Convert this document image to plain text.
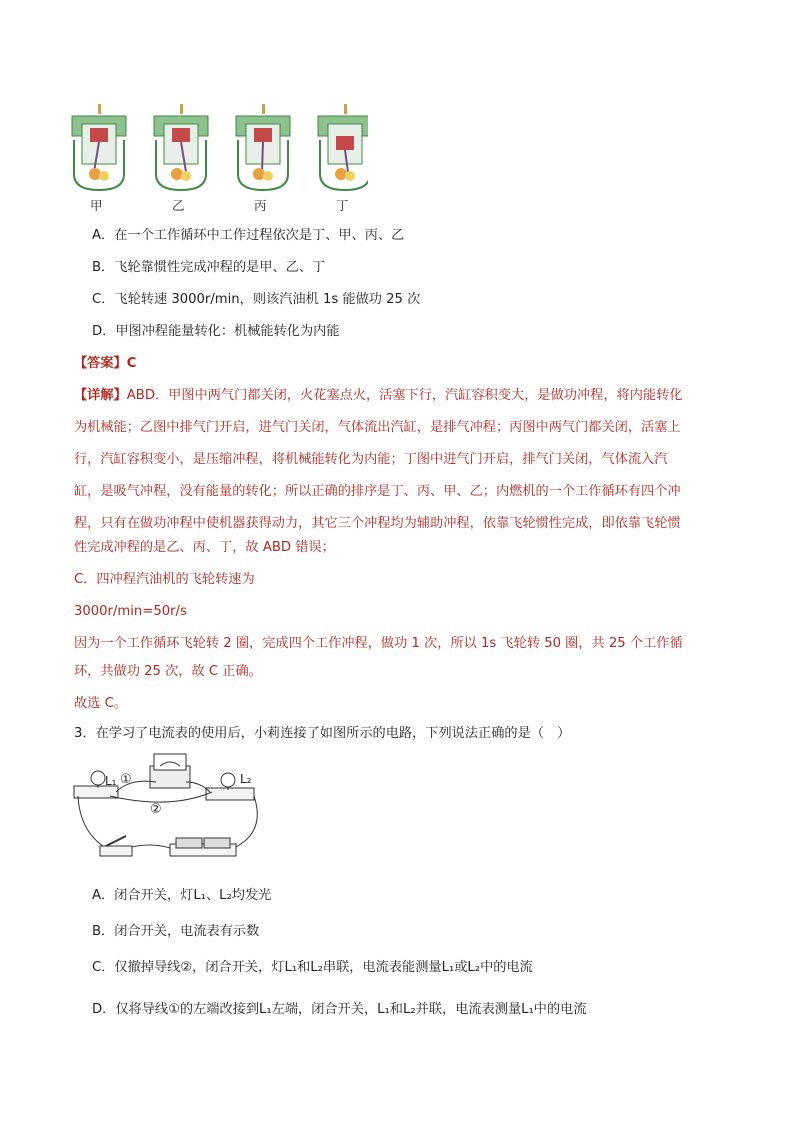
甲	乙	丙	丁
A．在一个工作循环中工作过程依次是丁、甲、丙、乙
B．飞轮靠惯性完成冲程的是甲、乙、丁
C．飞轮转速 3000r/min，则该汽油机 1s 能做功 25 次
D．甲图冲程能量转化：机械能转化为内能
【答案】C
【详解】ABD．甲图中两气门都关闭，火花塞点火，活塞下行，汽缸容积变大，是做功冲程，将内能转化
为机械能；乙图中排气门开启，进气门关闭，气体流出汽缸，是排气冲程；丙图中两气门都关闭，活塞上
行，汽缸容积变小，是压缩冲程，将机械能转化为内能；丁图中进气门开启，排气门关闭，气体流入汽
缸，是吸气冲程，没有能量的转化；所以正确的排序是丁、丙、甲、乙；内燃机的一个工作循环有四个冲
程，只有在做功冲程中使机器获得动力，其它三个冲程均为辅助冲程，依靠飞轮惯性完成，即依靠飞轮惯
性完成冲程的是乙、丙、丁，故 ABD 错误；
C．四冲程汽油机的飞轮转速为
3000r/min=50r/s
因为一个工作循环飞轮转 2 圈，完成四个工作冲程，做功 1 次，所以 1s 飞轮转 50 圈，共 25 个工作循
环，共做功 25 次，故 C 正确。
故选 C。
3．在学习了电流表的使用后，小莉连接了如图所示的电路，下列说法正确的是（　）
L₁	L₂
①
②
A．闭合开关，灯L₁、L₂均发光
B．闭合开关，电流表有示数
C．仅撤掉导线②，闭合开关，灯L₁和L₂串联，电流表能测量L₁或L₂中的电流
D．仅将导线①的左端改接到L₁左端，闭合开关，L₁和L₂并联，电流表测量L₁中的电流
